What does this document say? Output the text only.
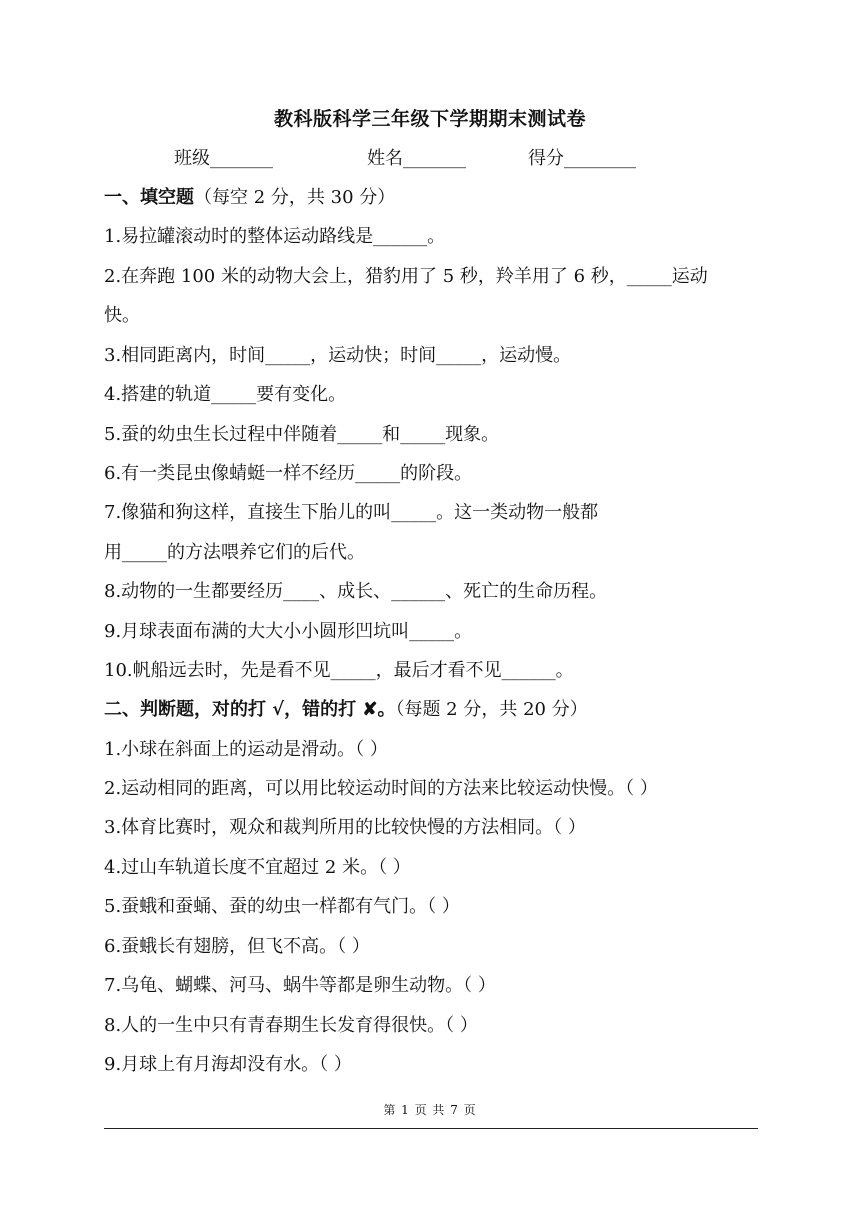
教科版科学三年级下学期期末测试卷
班级_______	姓名_______	得分________
一、填空题（每空 2 分，共 30 分）
1.易拉罐滚动时的整体运动路线是______。
2.在奔跑 100 米的动物大会上，猎豹用了 5 秒，羚羊用了 6 秒，_____运动
快。
3.相同距离内，时间_____，运动快；时间_____，运动慢。
4.搭建的轨道_____要有变化。
5.蚕的幼虫生长过程中伴随着_____和_____现象。
6.有一类昆虫像蜻蜓一样不经历_____的阶段。
7.像猫和狗这样，直接生下胎儿的叫_____。这一类动物一般都
用_____的方法喂养它们的后代。
8.动物的一生都要经历____、成长、______、死亡的生命历程。
9.月球表面布满的大大小小圆形凹坑叫_____。
10.帆船远去时，先是看不见_____，最后才看不见______。
二、判断题，对的打 √，错的打 ✘。（每题 2 分，共 20 分）
1.小球在斜面上的运动是滑动。（ ）
2.运动相同的距离，可以用比较运动时间的方法来比较运动快慢。（ ）
3.体育比赛时，观众和裁判所用的比较快慢的方法相同。（ ）
4.过山车轨道长度不宜超过 2 米。（ ）
5.蚕蛾和蚕蛹、蚕的幼虫一样都有气门。（ ）
6.蚕蛾长有翅膀，但飞不高。（ ）
7.乌龟、蝴蝶、河马、蜗牛等都是卵生动物。（ ）
8.人的一生中只有青春期生长发育得很快。（ ）
9.月球上有月海却没有水。（ ）
第 1 页 共 7 页
